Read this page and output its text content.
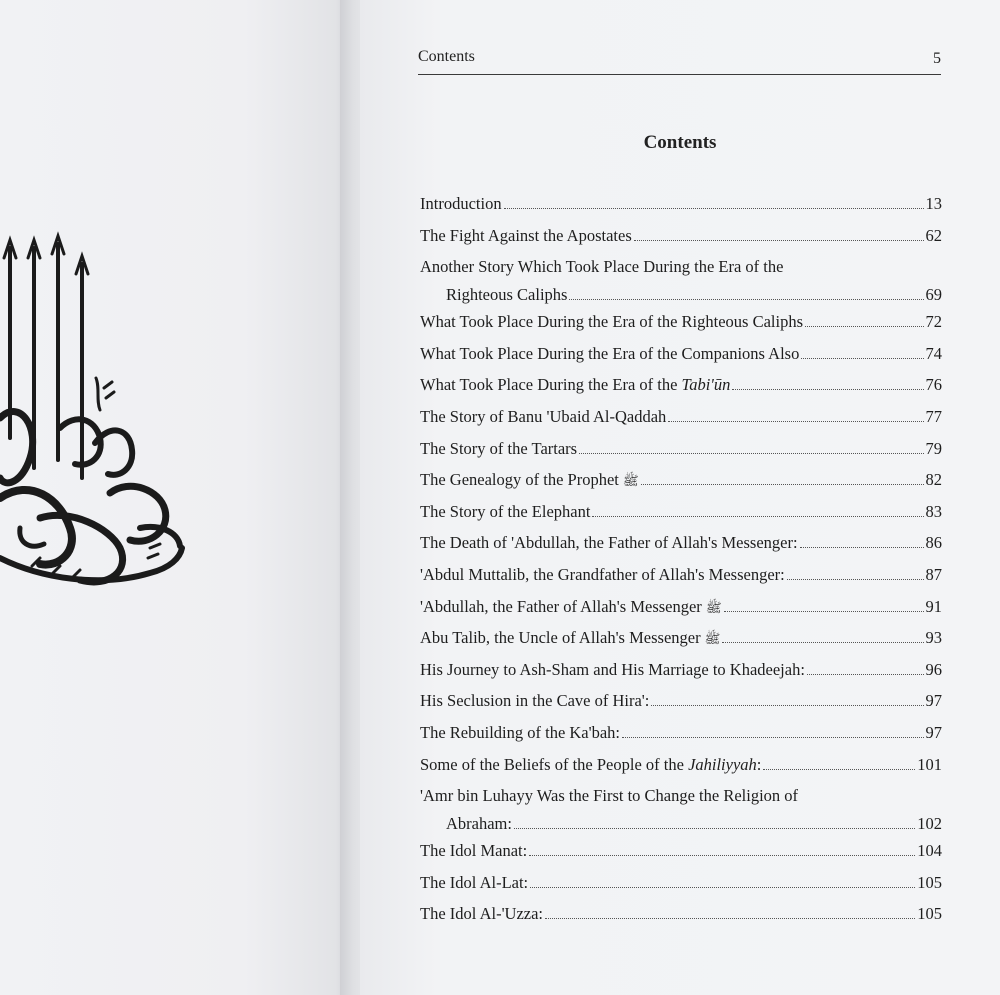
Contents	5
Contents
Introduction	13
The Fight Against the Apostates	62
Another Story Which Took Place During the Era of the
Righteous Caliphs	69
What Took Place During the Era of the Righteous Caliphs	72
What Took Place During the Era of the Companions Also	74
What Took Place During the Era of the Tabi'ūn	76
The Story of Banu 'Ubaid Al-Qaddah	77
The Story of the Tartars	79
The Genealogy of the Prophet ﷺ	82
The Story of the Elephant	83
The Death of 'Abdullah, the Father of Allah's Messenger:	86
'Abdul Muttalib, the Grandfather of Allah's Messenger:	87
'Abdullah, the Father of Allah's Messenger ﷺ	91
Abu Talib, the Uncle of Allah's Messenger ﷺ	93
His Journey to Ash-Sham and His Marriage to Khadeejah:	96
His Seclusion in the Cave of Hira':	97
The Rebuilding of the Ka'bah:	97
Some of the Beliefs of the People of the Jahiliyyah:	101
'Amr bin Luhayy Was the First to Change the Religion of
Abraham:	102
The Idol Manat:	104
The Idol Al-Lat:	105
The Idol Al-'Uzza:	105
